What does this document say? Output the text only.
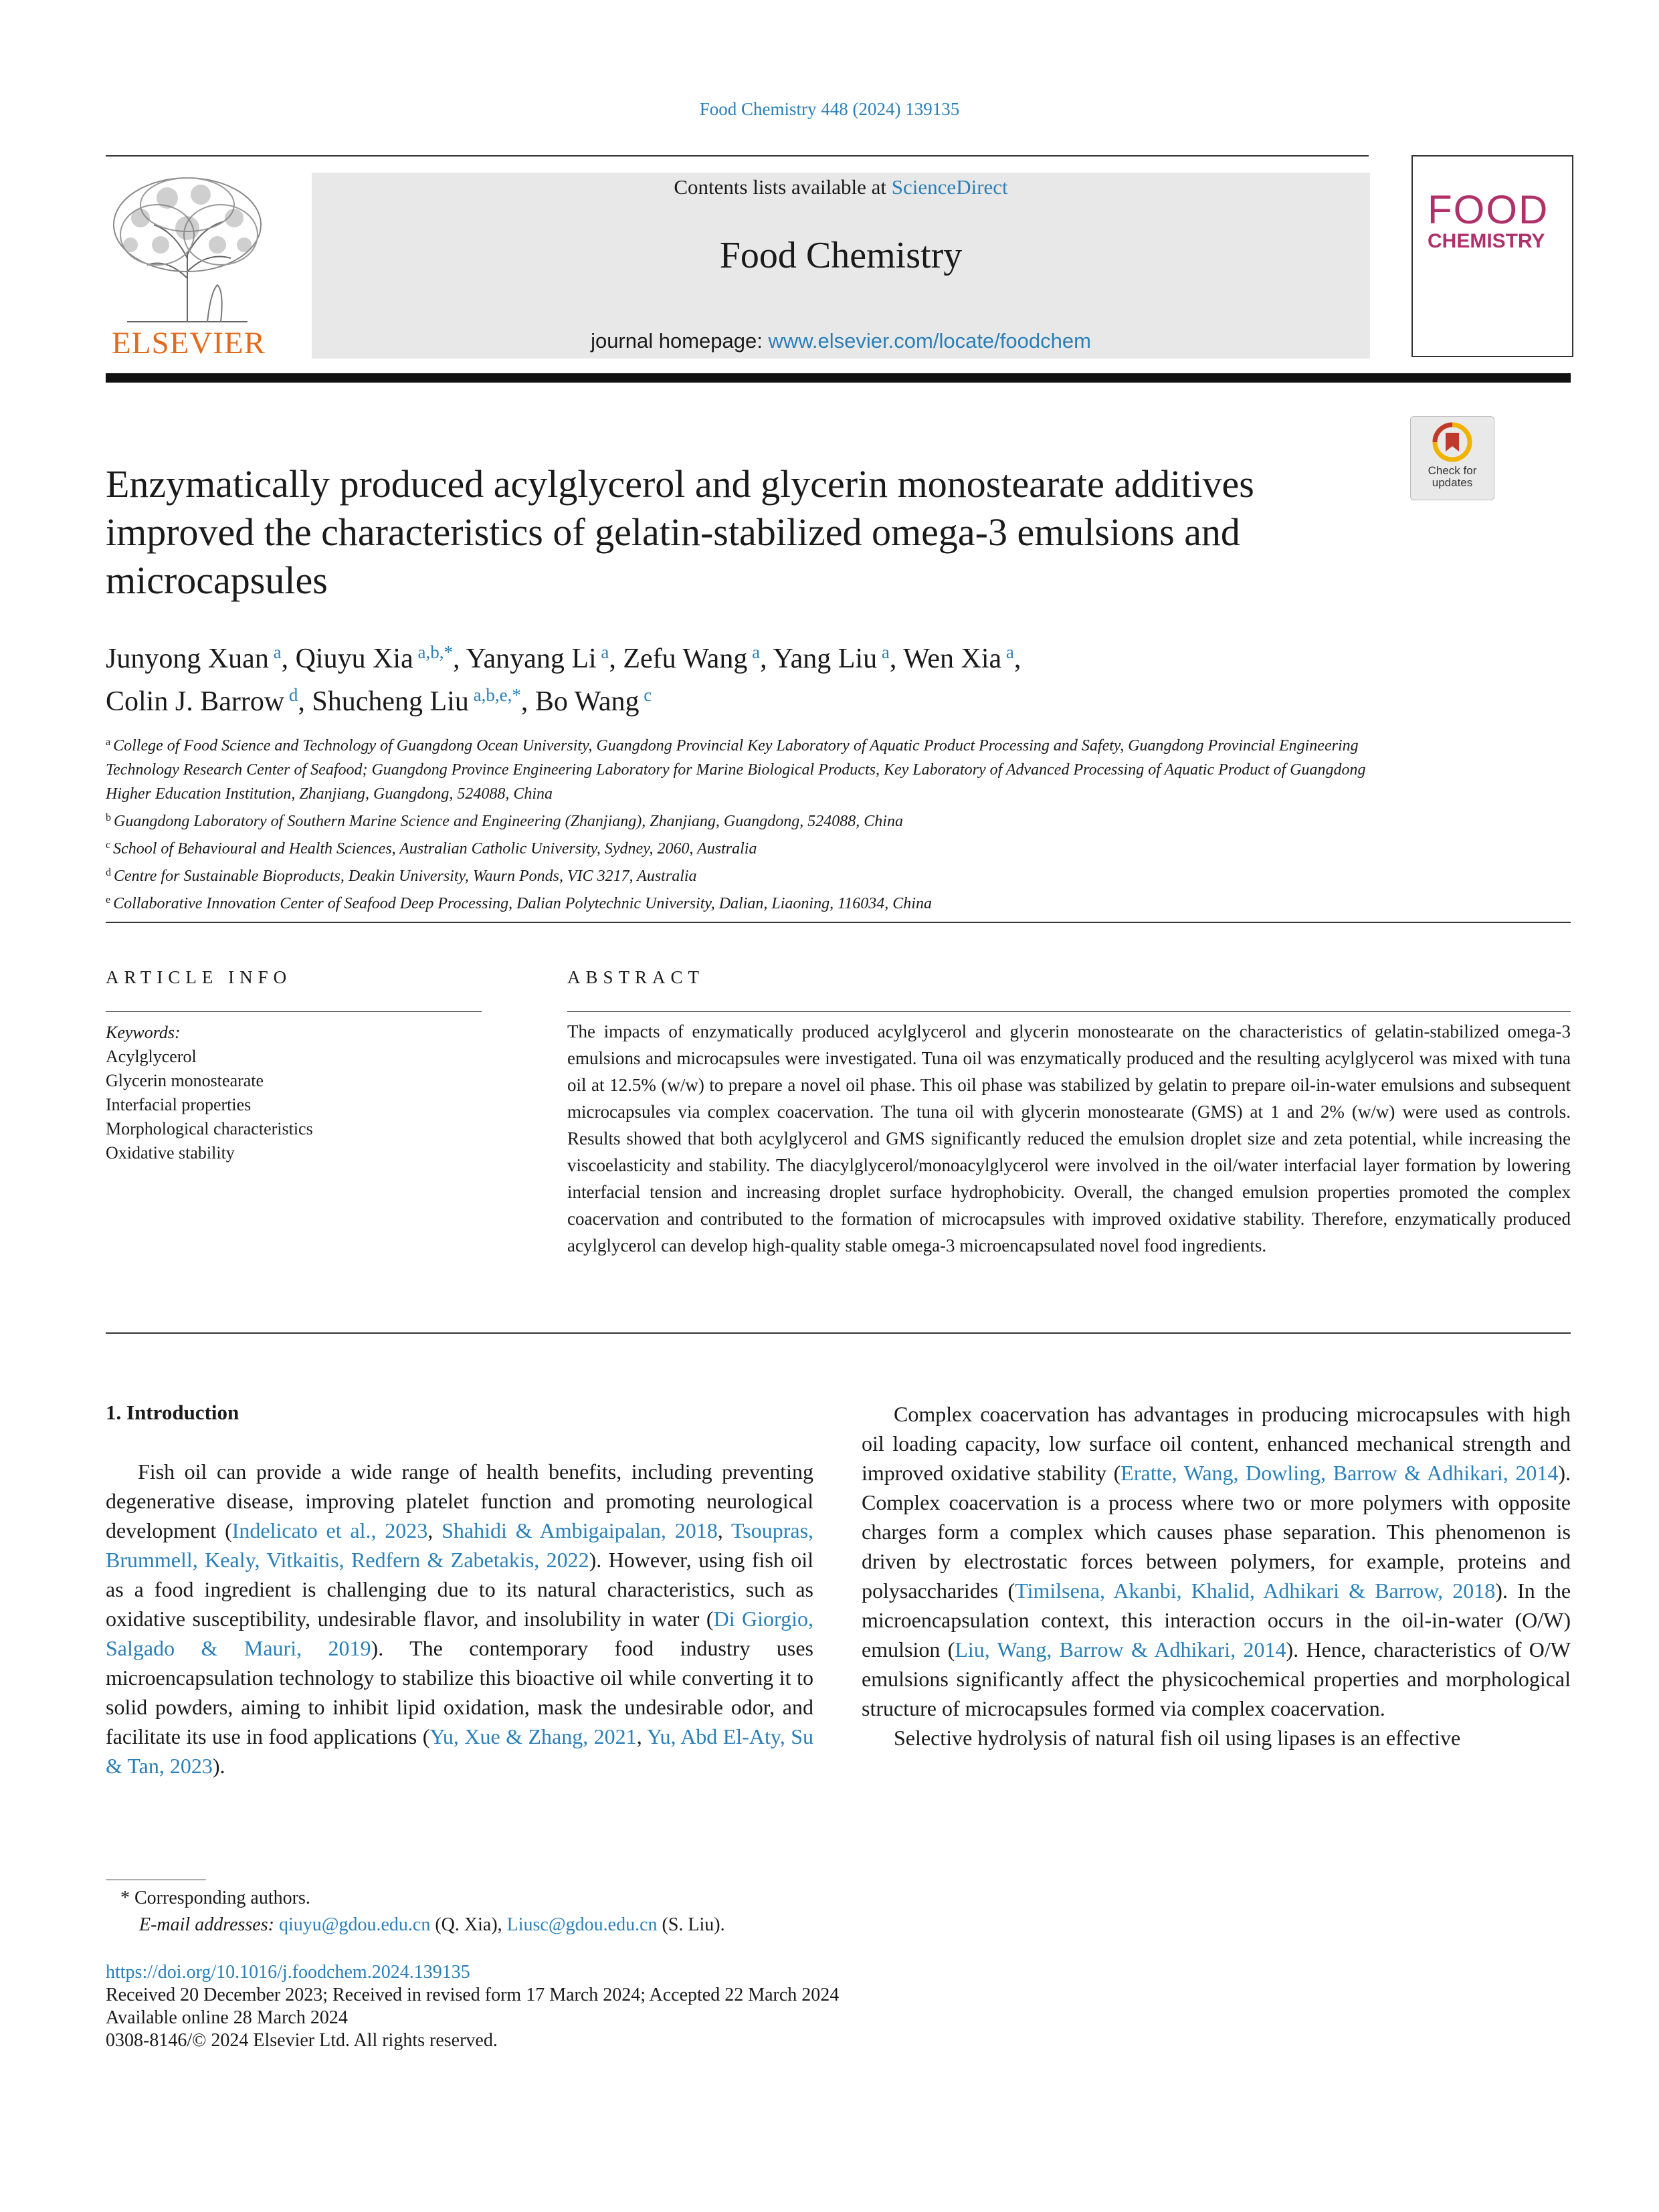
Food Chemistry 448 (2024) 139135
ELSEVIER
Contents lists available at ScienceDirect
Food Chemistry
journal homepage: www.elsevier.com/locate/foodchem
FOOD
CHEMISTRY
Check for updates
Enzymatically produced acylglycerol and glycerin monostearate additives improved the characteristics of gelatin-stabilized omega-3 emulsions and microcapsules
Junyong Xuan $^a$, Qiuyu Xia $^{a,b,*}$, Yanyang Li $^a$, Zefu Wang $^a$, Yang Liu $^a$, Wen Xia $^a$,
Colin J. Barrow $^d$, Shucheng Liu $^{a,b,e,*}$, Bo Wang $^c$
$^a$ College of Food Science and Technology of Guangdong Ocean University, Guangdong Provincial Key Laboratory of Aquatic Product Processing and Safety, Guangdong Provincial Engineering Technology Research Center of Seafood; Guangdong Province Engineering Laboratory for Marine Biological Products, Key Laboratory of Advanced Processing of Aquatic Product of Guangdong Higher Education Institution, Zhanjiang, Guangdong, 524088, China
$^b$ Guangdong Laboratory of Southern Marine Science and Engineering (Zhanjiang), Zhanjiang, Guangdong, 524088, China
$^c$ School of Behavioural and Health Sciences, Australian Catholic University, Sydney, 2060, Australia
$^d$ Centre for Sustainable Bioproducts, Deakin University, Waurn Ponds, VIC 3217, Australia
$^e$ Collaborative Innovation Center of Seafood Deep Processing, Dalian Polytechnic University, Dalian, Liaoning, 116034, China
ARTICLE INFO	ABSTRACT
Keywords:
Acylglycerol
Glycerin monostearate
Interfacial properties
Morphological characteristics
Oxidative stability
The impacts of enzymatically produced acylglycerol and glycerin monostearate on the characteristics of gelatin-stabilized omega-3 emulsions and microcapsules were investigated. Tuna oil was enzymatically produced and the resulting acylglycerol was mixed with tuna oil at 12.5% (w/w) to prepare a novel oil phase. This oil phase was stabilized by gelatin to prepare oil-in-water emulsions and subsequent microcapsules via complex coacervation. The tuna oil with glycerin monostearate (GMS) at 1 and 2% (w/w) were used as controls. Results showed that both acylglycerol and GMS significantly reduced the emulsion droplet size and zeta potential, while increasing the viscoelasticity and stability. The diacylglycerol/monoacylglycerol were involved in the oil/water interfacial layer formation by lowering interfacial tension and increasing droplet surface hydrophobicity. Overall, the changed emulsion properties promoted the complex coacervation and contributed to the formation of microcapsules with improved oxidative stability. Therefore, enzymatically produced acylglycerol can develop high-quality stable omega-3 microencapsulated novel food ingredients.
1. Introduction

Fish oil can provide a wide range of health benefits, including preventing degenerative disease, improving platelet function and promoting neurological development (Indelicato et al., 2023, Shahidi & Ambigaipalan, 2018, Tsoupras, Brummell, Kealy, Vitkaitis, Redfern & Zabetakis, 2022). However, using fish oil as a food ingredient is challenging due to its natural characteristics, such as oxidative susceptibility, undesirable flavor, and insolubility in water (Di Giorgio, Salgado & Mauri, 2019). The contemporary food industry uses microencapsulation technology to stabilize this bioactive oil while converting it to solid powders, aiming to inhibit lipid oxidation, mask the undesirable odor, and facilitate its use in food applications (Yu, Xue & Zhang, 2021, Yu, Abd El-Aty, Su & Tan, 2023).

Complex coacervation has advantages in producing microcapsules with high oil loading capacity, low surface oil content, enhanced mechanical strength and improved oxidative stability (Eratte, Wang, Dowling, Barrow & Adhikari, 2014). Complex coacervation is a process where two or more polymers with opposite charges form a complex which causes phase separation. This phenomenon is driven by electrostatic forces between polymers, for example, proteins and polysaccharides (Timilsena, Akanbi, Khalid, Adhikari & Barrow, 2018). In the microencapsulation context, this interaction occurs in the oil-in-water (O/W) emulsion (Liu, Wang, Barrow & Adhikari, 2014). Hence, characteristics of O/W emulsions significantly affect the physicochemical properties and morphological structure of microcapsules formed via complex coacervation.

Selective hydrolysis of natural fish oil using lipases is an effective

* Corresponding authors.
E-mail addresses: qiuyu@gdou.edu.cn (Q. Xia), Liusc@gdou.edu.cn (S. Liu).
https://doi.org/10.1016/j.foodchem.2024.139135
Received 20 December 2023; Received in revised form 17 March 2024; Accepted 22 March 2024
Available online 28 March 2024
0308-8146/© 2024 Elsevier Ltd. All rights reserved.
